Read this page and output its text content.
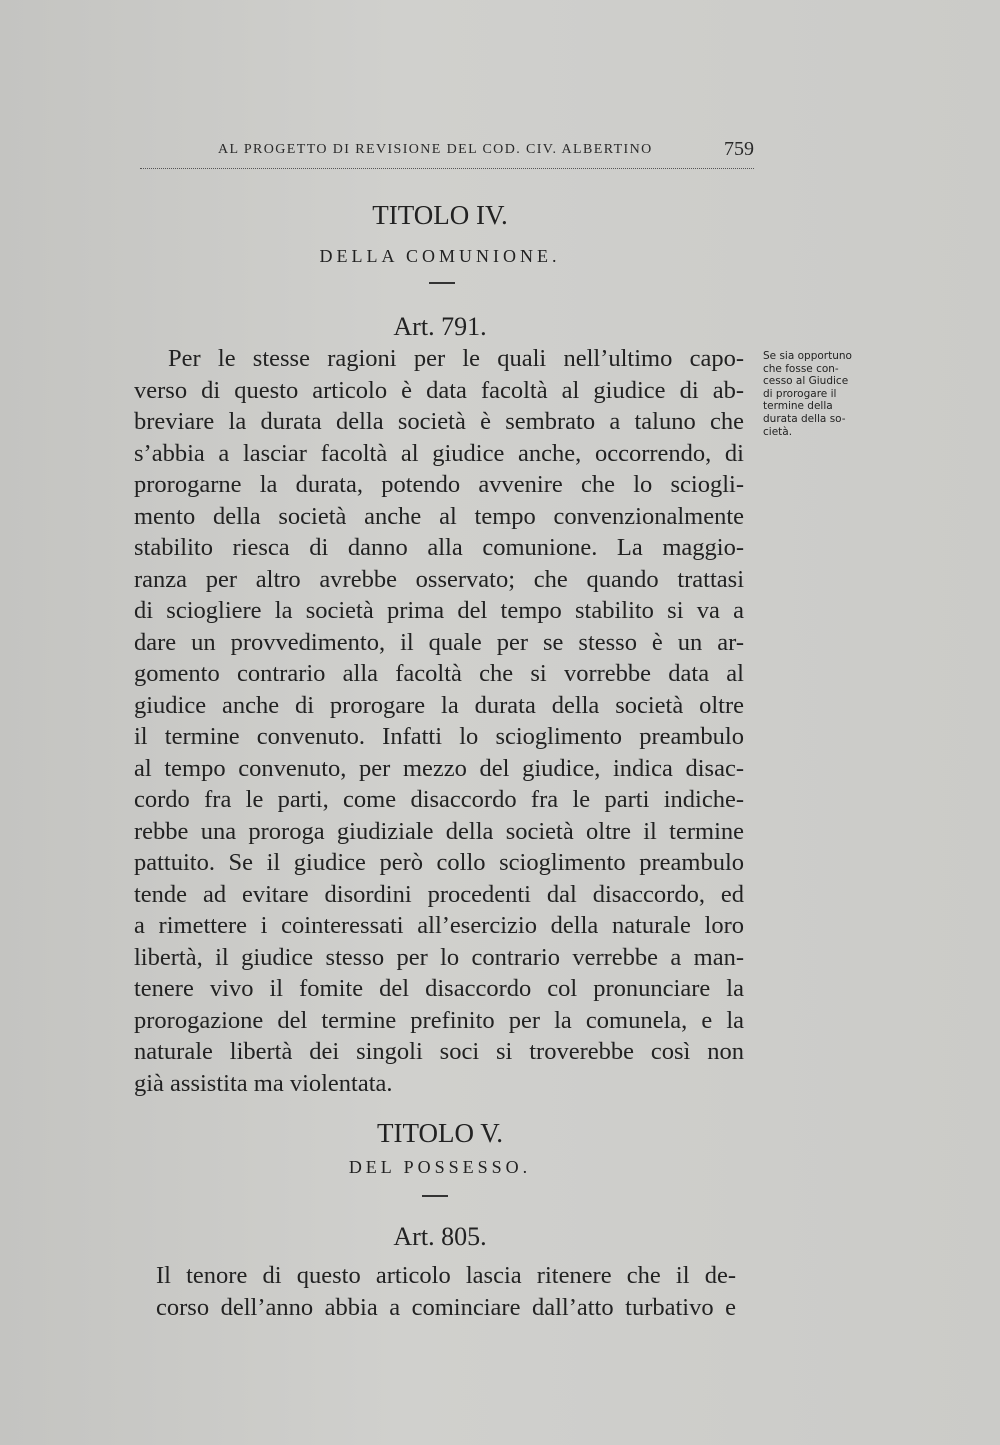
AL PROGETTO DI REVISIONE DEL COD. CIV. ALBERTINO	759
TITOLO IV.
DELLA COMUNIONE.
Art. 791.
Per le stesse ragioni per le quali nell’ultimo capo-
verso di questo articolo è data facoltà al giudice di ab-
breviare la durata della società è sembrato a taluno che
s’abbia a lasciar facoltà al giudice anche, occorrendo, di
prorogarne la durata, potendo avvenire che lo sciogli-
mento della società anche al tempo convenzionalmente
stabilito riesca di danno alla comunione. La maggio-
ranza per altro avrebbe osservato; che quando trattasi
di sciogliere la società prima del tempo stabilito si va a
dare un provvedimento, il quale per se stesso è un ar-
gomento contrario alla facoltà che si vorrebbe data al
giudice anche di prorogare la durata della società oltre
il termine convenuto. Infatti lo scioglimento preambulo
al tempo convenuto, per mezzo del giudice, indica disac-
cordo fra le parti, come disaccordo fra le parti indiche-
rebbe una proroga giudiziale della società oltre il termine
pattuito. Se il giudice però collo scioglimento preambulo
tende ad evitare disordini procedenti dal disaccordo, ed
a rimettere i cointeressati all’esercizio della naturale loro
libertà, il giudice stesso per lo contrario verrebbe a man-
tenere vivo il fomite del disaccordo col pronunciare la
prorogazione del termine prefinito per la comunela, e la
naturale libertà dei singoli soci si troverebbe così non
già assistita ma violentata.
Se sia opportuno
che fosse con-
cesso al Giudice
di prorogare il
termine della
durata della so-
cietà.
TITOLO V.
DEL POSSESSO.
Art. 805.
Il tenore di questo articolo lascia ritenere che il de-
corso dell’anno abbia a cominciare dall’atto turbativo e
